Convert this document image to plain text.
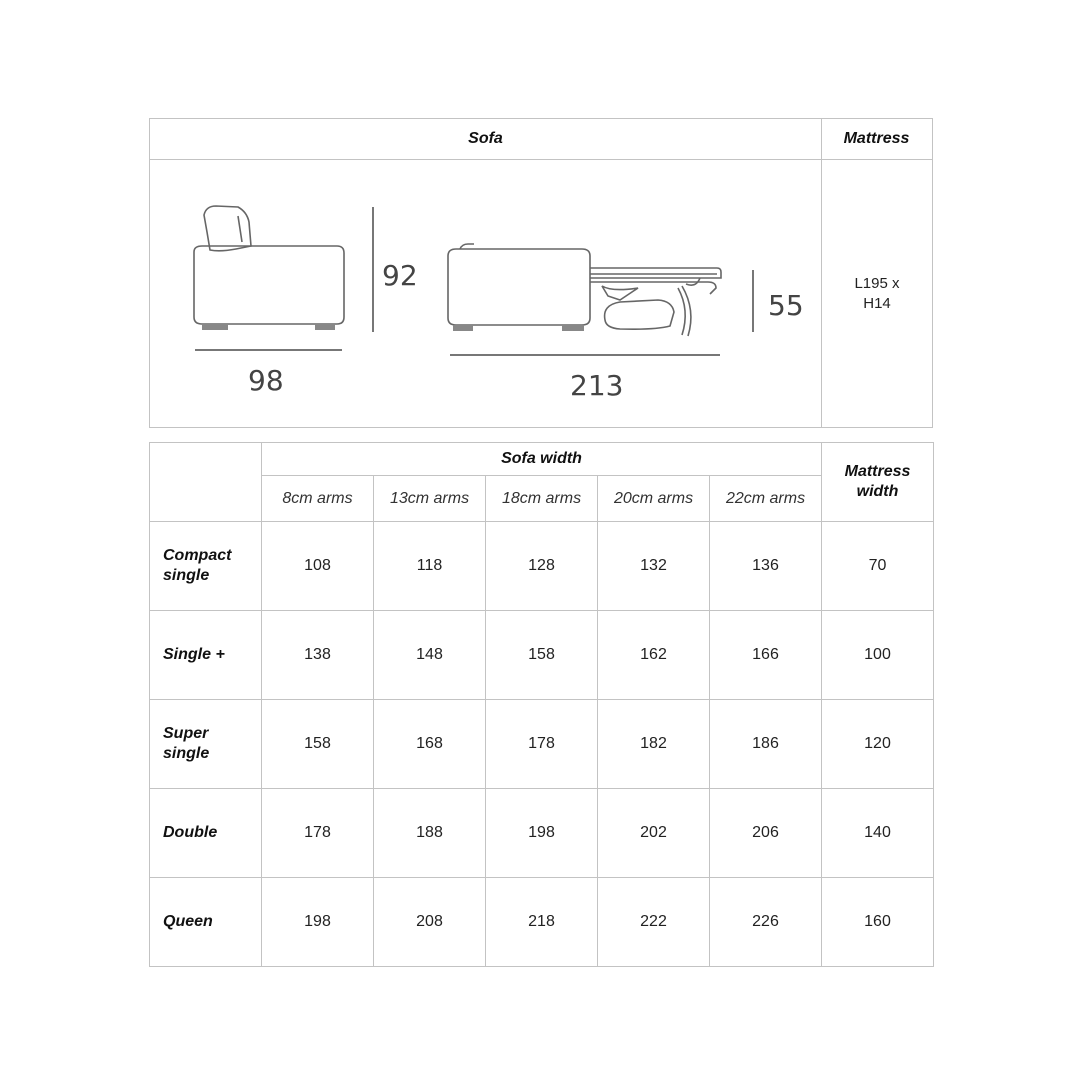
Sofa	Mattress
98
92
213
55
L195 x
H14
	Sofa width					Mattress
width

	8cm arms	13cm arms	18cm arms	20cm arms	22cm arms	

Compact
single	108	118	128	132	136	70

Single +	138	148	158	162	166	100

Super
single	158	168	178	182	186	120

Double	178	188	198	202	206	140

Queen	198	208	218	222	226	160
